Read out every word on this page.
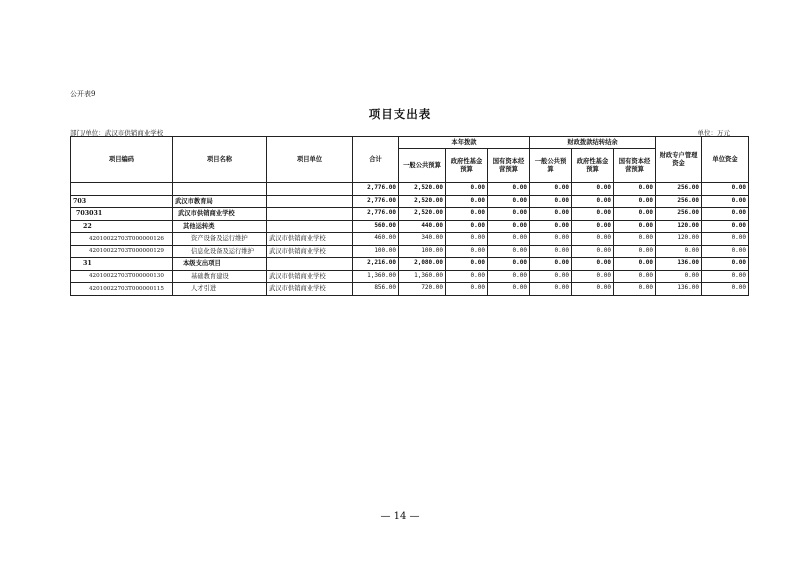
公开表9
项目支出表
部门/单位：武汉市供销商业学校	单位：万元
项目编码	项目名称	项目单位	合计	本年拨款			财政拨款结转结余			财政专户管理资金	单位资金
				一般公共预算	政府性基金预算	国有资本经营预算	一般公共预算	政府性基金预算	国有资本经营预算		
			2,776.00	2,520.00	0.00	0.00	0.00	0.00	0.00	256.00	0.00
703	武汉市教育局		2,776.00	2,520.00	0.00	0.00	0.00	0.00	0.00	256.00	0.00
703031	武汉市供销商业学校		2,776.00	2,520.00	0.00	0.00	0.00	0.00	0.00	256.00	0.00
22	其他运转类		560.00	440.00	0.00	0.00	0.00	0.00	0.00	120.00	0.00
42010022703T000000126	资产设备及运行维护	武汉市供销商业学校	460.00	340.00	0.00	0.00	0.00	0.00	0.00	120.00	0.00
42010022703T000000129	信息化设备及运行维护	武汉市供销商业学校	100.00	100.00	0.00	0.00	0.00	0.00	0.00	0.00	0.00
31	本级支出项目		2,216.00	2,080.00	0.00	0.00	0.00	0.00	0.00	136.00	0.00
42010022703T000000130	基础教育建设	武汉市供销商业学校	1,360.00	1,360.00	0.00	0.00	0.00	0.00	0.00	0.00	0.00
42010022703T000000115	人才引进	武汉市供销商业学校	856.00	720.00	0.00	0.00	0.00	0.00	0.00	136.00	0.00
— 14 —
